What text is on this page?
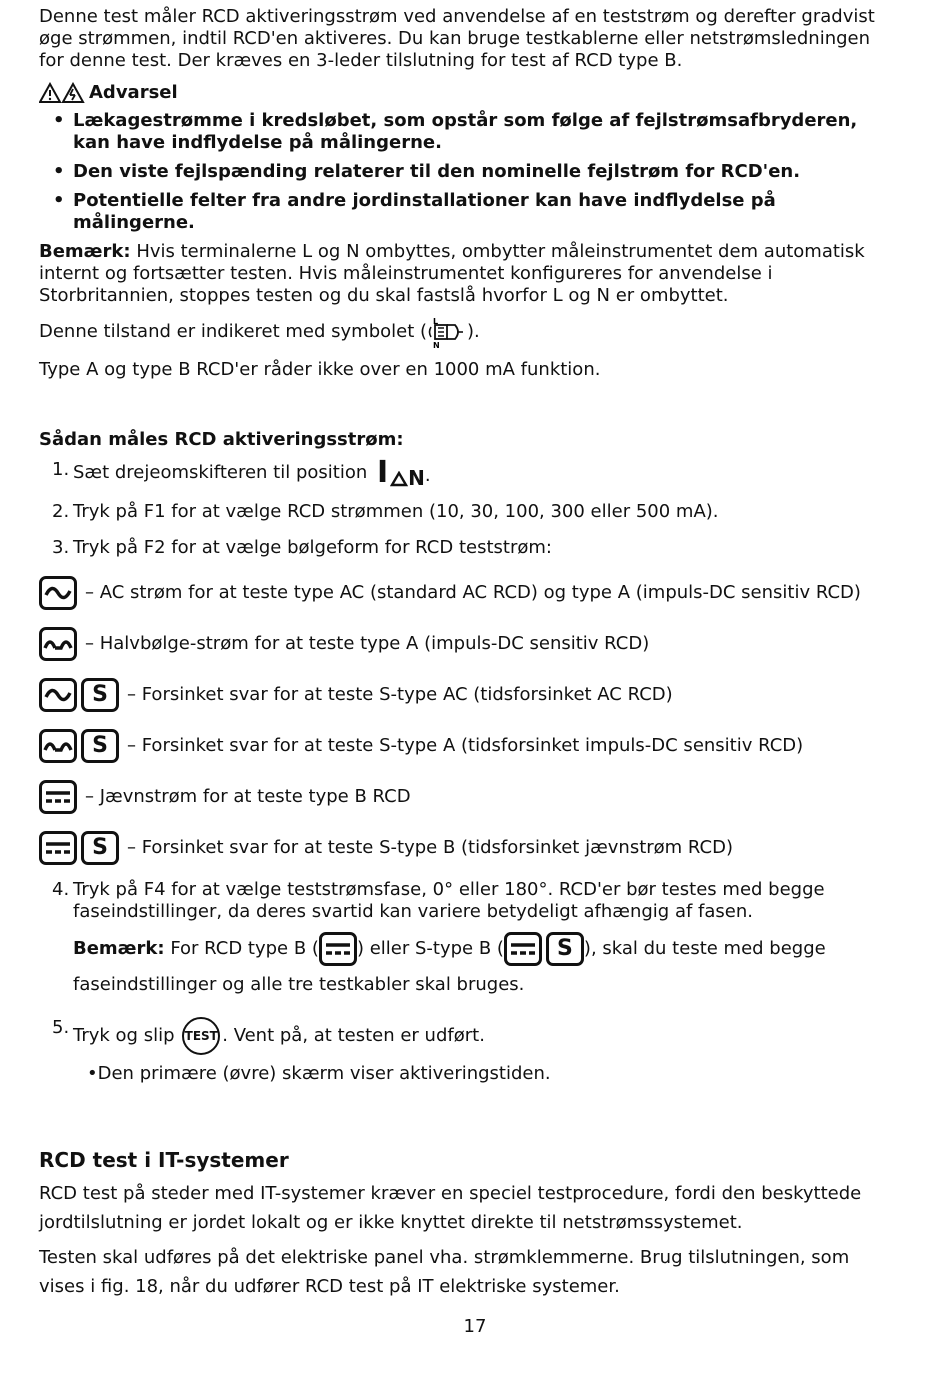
Denne test måler RCD aktiveringsstrøm ved anvendelse af en teststrøm og derefter gradvist øge strømmen, indtil RCD'en aktiveres. Du kan bruge testkablerne eller netstrømsledningen for denne test. Der kræves en 3-leder tilslutning for test af RCD type B.

Advarsel
• Lækagestrømme i kredsløbet, som opstår som følge af fejlstrømsafbryderen, kan have indflydelse på målingerne.
• Den viste fejlspænding relaterer til den nominelle fejlstrøm for RCD'en.
• Potentielle felter fra andre jordinstallationer kan have indflydelse på målingerne.

Bemærk: Hvis terminalerne L og N ombyttes, ombytter måleinstrumentet dem automatisk internt og fortsætter testen. Hvis måleinstrumentet konfigureres for anvendelse i Storbritannien, stoppes testen og du skal fastslå hvorfor L og N er ombyttet.

Denne tilstand er indikeret med symbolet ( L
N
).

Type A og type B RCD'er råder ikke over en 1000 mA funktion.

Sådan måles RCD aktiveringsstrøm:

1. Sæt drejeomskifteren til position I N .
2. Tryk på F1 for at vælge RCD strømmen (10, 30, 100, 300 eller 500 mA).
3. Tryk på F2 for at vælge bølgeform for RCD teststrøm:
– AC strøm for at teste type AC (standard AC RCD) og type A (impuls-DC sensitiv RCD)
– Halvbølge-strøm for at teste type A (impuls-DC sensitiv RCD)
S – Forsinket svar for at teste S-type AC (tidsforsinket AC RCD)
S – Forsinket svar for at teste S-type A (tidsforsinket impuls-DC sensitiv RCD)
– Jævnstrøm for at teste type B RCD
S – Forsinket svar for at teste S-type B (tidsforsinket jævnstrøm RCD)
4. Tryk på F4 for at vælge teststrømsfase, 0° eller 180°. RCD'er bør testes med begge faseindstillinger, da deres svartid kan variere betydeligt afhængig af fasen.

Bemærk: For RCD type B ( ) eller S-type B ( S ), skal du teste med begge faseindstillinger og alle tre testkabler skal bruges.

5. Tryk og slip TEST . Vent på, at testen er udført.
• Den primære (øvre) skærm viser aktiveringstiden.
RCD test i IT-systemer

RCD test på steder med IT-systemer kræver en speciel testprocedure, fordi den beskyttede jordtilslutning er jordet lokalt og er ikke knyttet direkte til netstrømssystemet.

Testen skal udføres på det elektriske panel vha. strømklemmerne. Brug tilslutningen, som vises i fig. 18, når du udfører RCD test på IT elektriske systemer.

17
